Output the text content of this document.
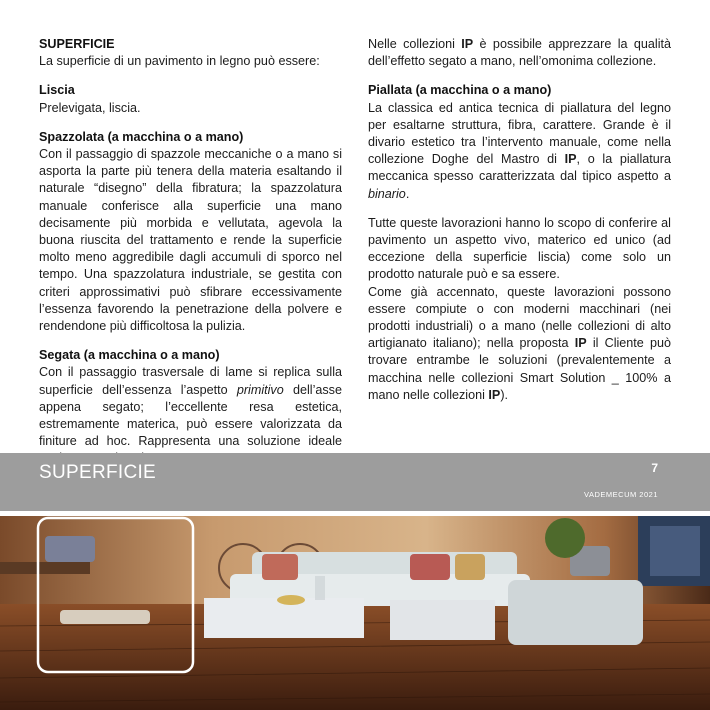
SUPERFICIE

La superficie di un pavimento in legno può essere:

Liscia

Prelevigata, liscia.

Spazzolata (a macchina o a mano)

Con il passaggio di spazzole meccaniche o a mano si asporta la parte più tenera della materia esaltando il naturale “disegno” della fibratura; la spazzolatura manuale conferisce alla superficie una mano decisamente più morbida e vellutata, agevola la buona riuscita del trattamento e rende la superficie molto meno aggredibile dagli accumuli di sporco nel tempo. Una spazzolatura industriale, se gestita con criteri approssimativi può sfibrare eccessivamente l’essenza favorendo la penetrazione della polvere e rendendone più difficoltosa la pulizia.

Segata (a macchina o a mano)

Con il passaggio trasversale di lame si replica sulla superficie dell’essenza l’aspetto primitivo dell’asse appena segato; l’eccellente resa estetica, estremamente materica, può essere valorizzata da finiture ad hoc. Rappresenta una soluzione ideale

Nelle collezioni IP è possibile apprezzare la qualità dell’effetto segato a mano, nell’omonima collezione.

Piallata (a macchina o a mano)

La classica ed antica tecnica di piallatura del legno per esaltarne struttura, fibra, carattere. Grande è il divario estetico tra l’intervento manuale, come nella collezione Doghe del Mastro di IP, o la piallatura meccanica spesso caratterizzata dal tipico aspetto a binario.

Tutte queste lavorazioni hanno lo scopo di conferire al pavimento un aspetto vivo, materico ed unico (ad eccezione della superficie liscia) come solo un prodotto naturale può e sa essere.

Come già accennato, queste lavorazioni possono essere compiute o con moderni macchinari (nei prodotti industriali) o a mano (nelle collezioni di alto artigianato italiano); nella proposta IP il Cliente può trovare entrambe le soluzioni (prevalentemente a macchina nelle collezioni Smart Solution _ 100% a mano nelle collezioni IP).

SUPERFICIE	7
VADEMECUM 2021
